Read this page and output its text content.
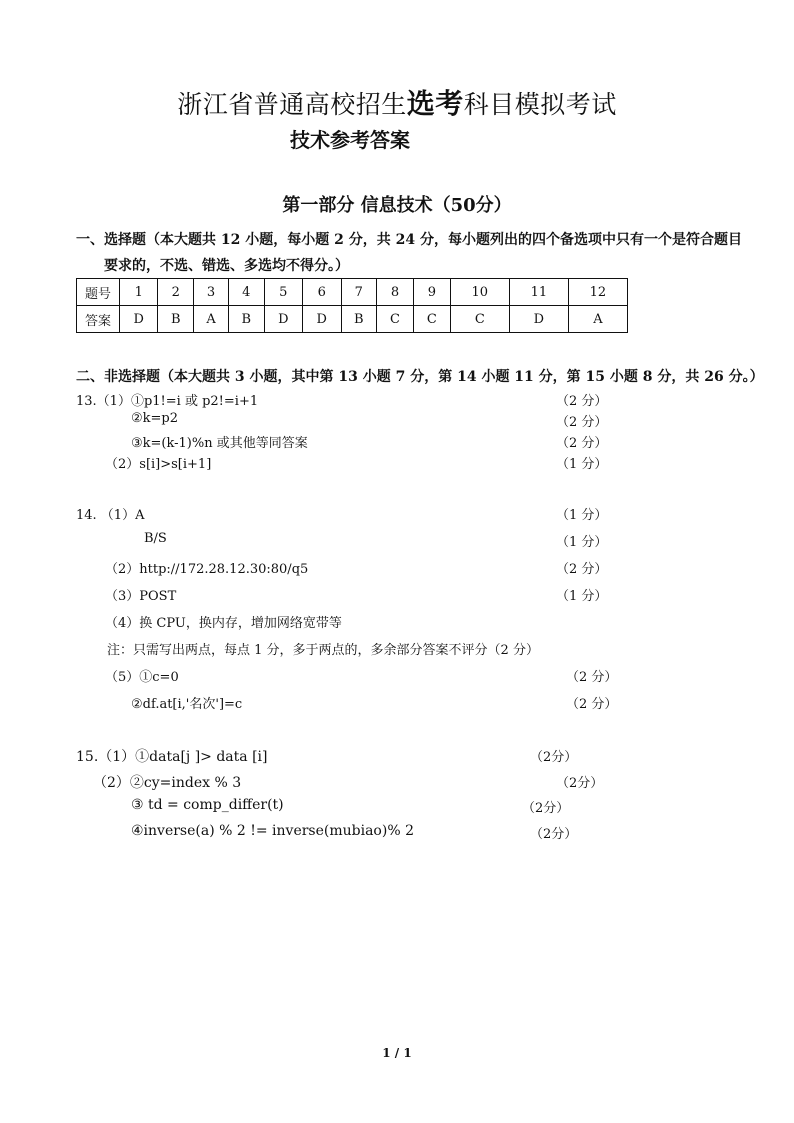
浙江省普通高校招生选考科目模拟考试
技术参考答案
第一部分 信息技术（50分）
一、选择题（本大题共 12 小题，每小题 2 分，共 24 分，每小题列出的四个备选项中只有一个是符合题目
要求的，不选、错选、多选均不得分。）
题号	1	2	3	4	5	6	7	8	9	10	11	12
答案	D	B	A	B	D	D	B	C	C	C	D	A
二、非选择题（本大题共 3 小题，其中第 13 小题 7 分，第 14 小题 11 分，第 15 小题 8 分，共 26 分。）
13.（1）①p1!=i 或 p2!=i+1	（2 分）
②k=p2	（2 分）
③k=(k-1)%n 或其他等同答案	（2 分）
（2）s[i]>s[i+1]	（1 分）
14. （1）A	（1 分）
B/S	（1 分）
（2）http://172.28.12.30:80/q5	（2 分）
（3）POST	（1 分）
（4）换 CPU，换内存，增加网络宽带等
注：只需写出两点，每点 1 分，多于两点的，多余部分答案不评分（2 分）
（5）①c=0	（2 分）
②df.at[i,'名次']=c	（2 分）
15.（1）①data[j ]> data [i]	（2分）
（2）②cy=index % 3	（2分）
③ td = comp_differ(t)	（2分）
④inverse(a) % 2 != inverse(mubiao)% 2	（2分）
1 / 1
